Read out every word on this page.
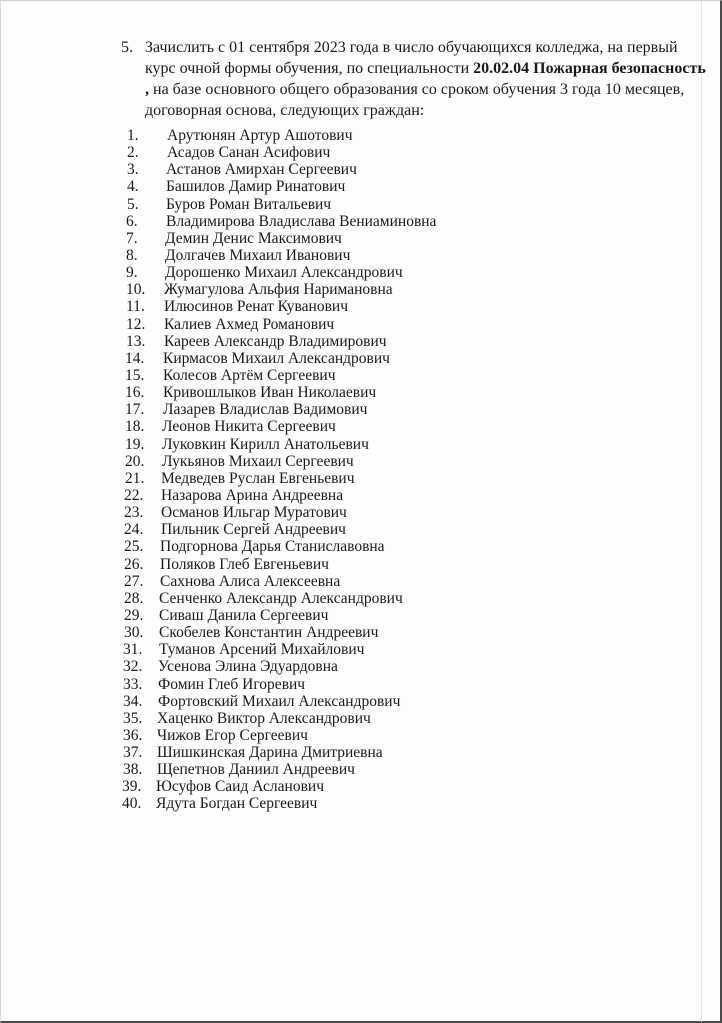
5. Зачислить с 01 сентября 2023 года в число обучающихся колледжа, на первый курс очной формы обучения, по специальности 20.02.04 Пожарная безопасность , на базе основного общего образования со сроком обучения 3 года 10 месяцев, договорная основа, следующих граждан:
1.	Арутюнян Артур Ашотович
2.	Асадов Санан Асифович
3.	Астанов Амирхан Сергеевич
4.	Башилов Дамир Ринатович
5.	Буров Роман Витальевич
6.	Владимирова Владислава Вениаминовна
7.	Демин Денис Максимович
8.	Долгачев Михаил Иванович
9.	Дорошенко Михаил Александрович
10.	Жумагулова Альфия Наримановна
11.	Илюсинов Ренат Куванович
12.	Калиев Ахмед Романович
13.	Кареев Александр Владимирович
14.	Кирмасов Михаил Александрович
15.	Колесов Артём Сергеевич
16.	Кривошлыков Иван Николаевич
17.	Лазарев Владислав Вадимович
18.	Леонов Никита Сергеевич
19.	Луковкин Кирилл Анатольевич
20.	Лукьянов Михаил Сергеевич
21.	Медведев Руслан Евгеньевич
22.	Назарова Арина Андреевна
23.	Османов Ильгар Муратович
24.	Пильник Сергей Андреевич
25.	Подгорнова Дарья Станиславовна
26.	Поляков Глеб Евгеньевич
27.	Сахнова Алиса Алексеевна
28.	Сенченко Александр Александрович
29.	Сиваш Данила Сергеевич
30.	Скобелев Константин Андреевич
31.	Туманов Арсений Михайлович
32.	Усенова Элина Эдуардовна
33.	Фомин Глеб Игоревич
34.	Фортовский Михаил Александрович
35. Хаценко Виктор Александрович
36. Чижов Егор Сергеевич
37. Шишкинская Дарина Дмитриевна
38. Щепетнов Даниил Андреевич
39. Юсуфов Саид Асланович
40. Ядута Богдан Сергеевич
